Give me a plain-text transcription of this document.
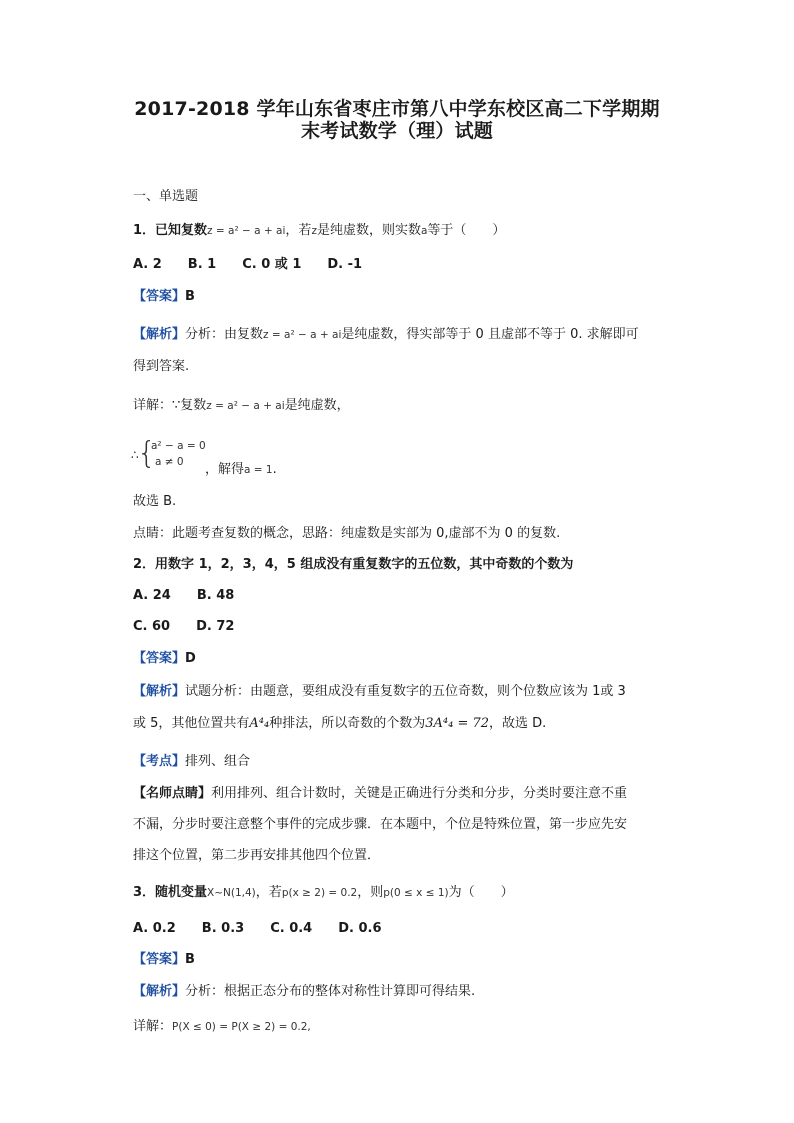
2017-2018 学年山东省枣庄市第八中学东校区高二下学期期
末考试数学（理）试题
一、单选题
1．已知复数z = a² − a + ai，若z是纯虚数，则实数a等于（　　）
A. 2　　B. 1　　C. 0 或 1　　D. -1
【答案】B
【解析】分析：由复数z = a² − a + ai是纯虚数，得实部等于 0 且虚部不等于 0. 求解即可
得到答案.
详解：∵复数z = a² − a + ai是纯虚数，
∴
{
a² − a = 0
a ≠ 0 ，解得a = 1.
故选 B.
点睛：此题考查复数的概念，思路：纯虚数是实部为 0,虚部不为 0 的复数.
2．用数字 1，2，3，4，5 组成没有重复数字的五位数，其中奇数的个数为
A. 24　　B. 48
C. 60　　D. 72
【答案】D
【解析】试题分析：由题意，要组成没有重复数字的五位奇数，则个位数应该为 1或 3
或 5，其他位置共有A⁴₄种排法，所以奇数的个数为3A⁴₄ = 72，故选 D.
【考点】排列、组合
【名师点睛】利用排列、组合计数时，关键是正确进行分类和分步，分类时要注意不重
不漏，分步时要注意整个事件的完成步骤．在本题中，个位是特殊位置，第一步应先安
排这个位置，第二步再安排其他四个位置．
3．随机变量X~N(1,4)，若p(x ≥ 2) = 0.2，则p(0 ≤ x ≤ 1)为（　　）
A. 0.2　　B. 0.3　　C. 0.4　　D. 0.6
【答案】B
【解析】分析：根据正态分布的整体对称性计算即可得结果.
详解：P(X ≤ 0) = P(X ≥ 2) = 0.2,
